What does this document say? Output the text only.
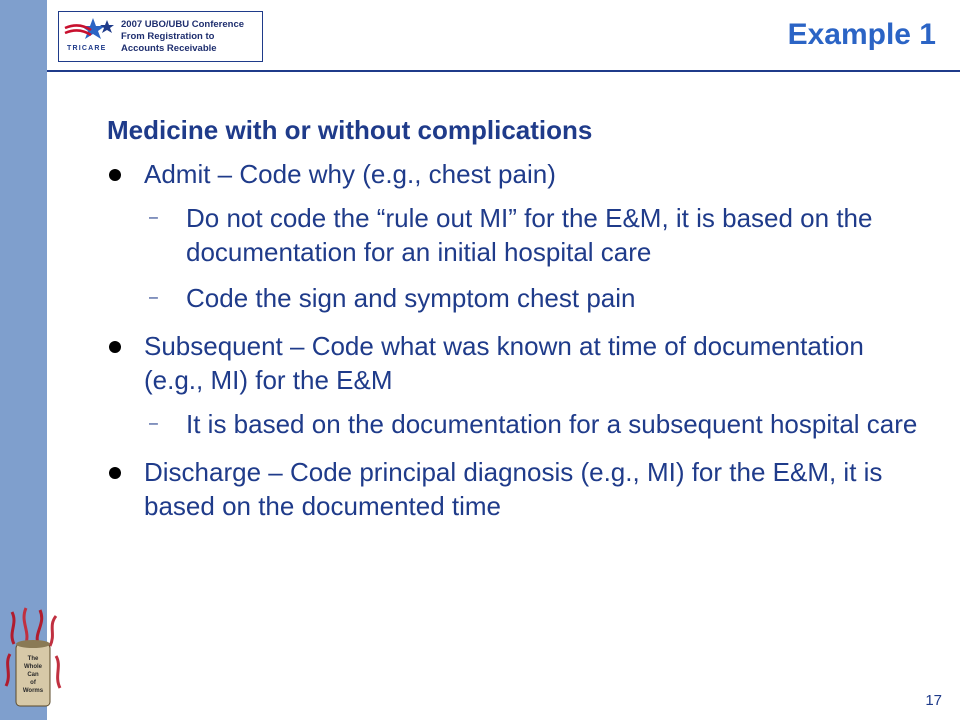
TRICARE
2007 UBO/UBU Conference
From Registration to
Accounts Receivable	Example 1
Medicine with or without complications
Admit – Code why (e.g., chest pain)
– Do not code the “rule out MI” for the E&M, it is based on the documentation for an initial hospital care
– Code the sign and symptom chest pain
Subsequent – Code what was known at time of documentation (e.g., MI) for the E&M
– It is based on the documentation for a subsequent hospital care
Discharge – Code principal diagnosis (e.g., MI) for the E&M, it is based on the documented time
The
Whole
Can
of
Worms
17
